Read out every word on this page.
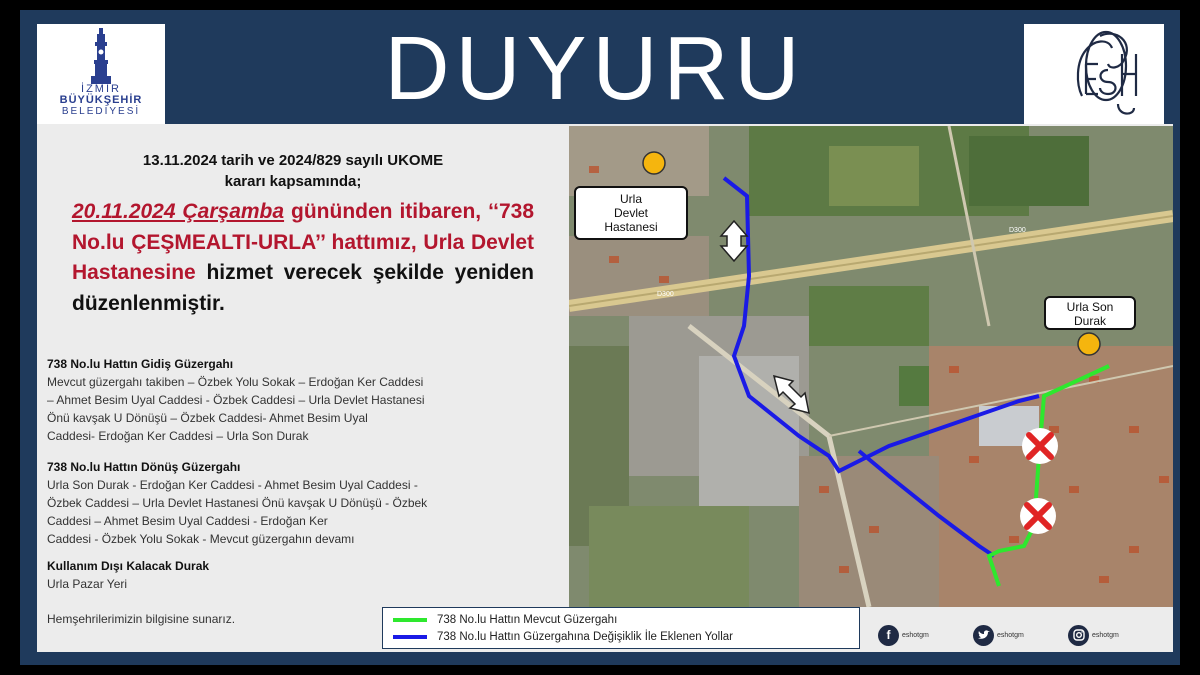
İZMİR
BÜYÜKŞEHİR
BELEDİYESİ	DUYURU
13.11.2024 tarih ve 2024/829 sayılı UKOME
kararı kapsamında;
20.11.2024 Çarşamba gününden itibaren, ‘‘738 No.lu ÇEŞMEALTI-URLA’’ hattımız, Urla Devlet Hastanesine hizmet verecek şekilde yeniden düzenlenmiştir.
738 No.lu Hattın Gidiş Güzergahı
Mevcut güzergahı takiben – Özbek Yolu Sokak – Erdoğan Ker Caddesi
– Ahmet Besim Uyal Caddesi - Özbek Caddesi – Urla Devlet Hastanesi
Önü kavşak U Dönüşü – Özbek Caddesi- Ahmet Besim Uyal
Caddesi- Erdoğan Ker Caddesi – Urla Son Durak
738 No.lu Hattın Dönüş Güzergahı
Urla Son Durak - Erdoğan Ker Caddesi - Ahmet Besim Uyal Caddesi -
Özbek Caddesi – Urla Devlet Hastanesi Önü kavşak U Dönüşü - Özbek
Caddesi – Ahmet Besim Uyal Caddesi - Erdoğan Ker
Caddesi - Özbek Yolu Sokak - Mevcut güzergahın devamı
Kullanım Dışı Kalacak Durak
Urla Pazar Yeri
Hemşehrilerimizin bilgisine sunarız.
D300
D300
Urla
Devlet
Hastanesi
Urla Son
Durak
738 No.lu Hattın Mevcut Güzergahı
738 No.lu Hattın Güzergahına Değişiklik İle Eklenen Yollar	f	eshotgm	eshotgm	eshotgm
